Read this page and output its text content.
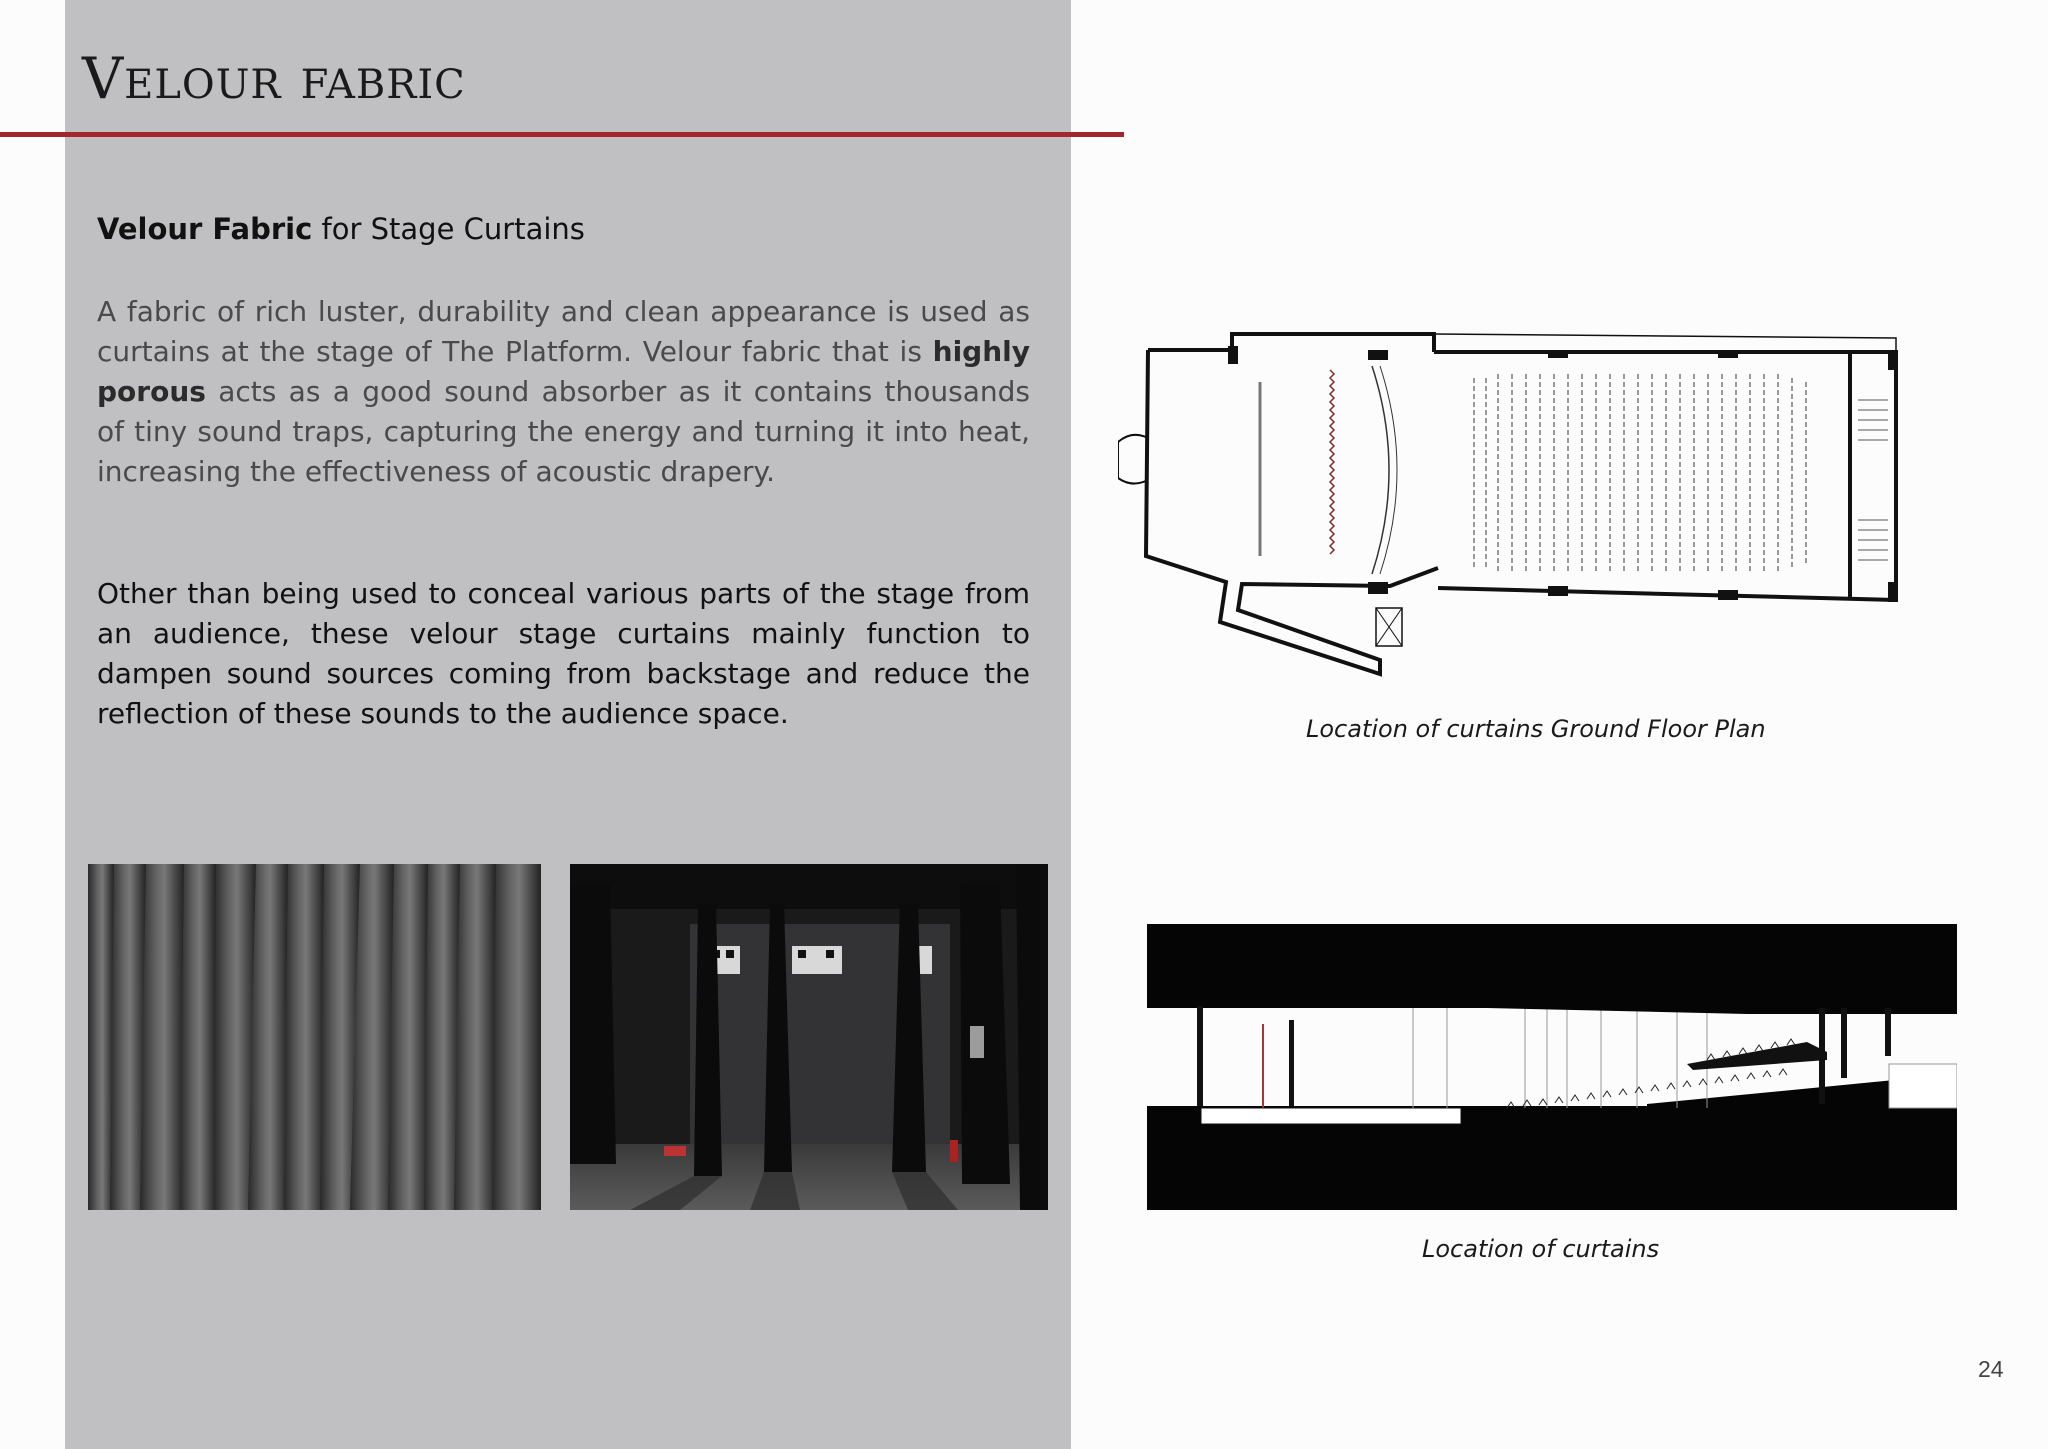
Velour fabric

Velour Fabric for Stage Curtains

A fabric of rich luster, durability and clean appearance is used as curtains at the stage of The Platform. Velour fabric that is highly porous acts as a good sound absorber as it contains thousands of tiny sound traps, capturing the energy and turning it into heat, increasing the effectiveness of acoustic drapery.

Other than being used to conceal various parts of the stage from an audience, these velour stage curtains mainly function to dampen sound sources coming from backstage and reduce the reflection of these sounds to the audience space.	Location of curtains Ground Floor Plan

Location of curtains

24
